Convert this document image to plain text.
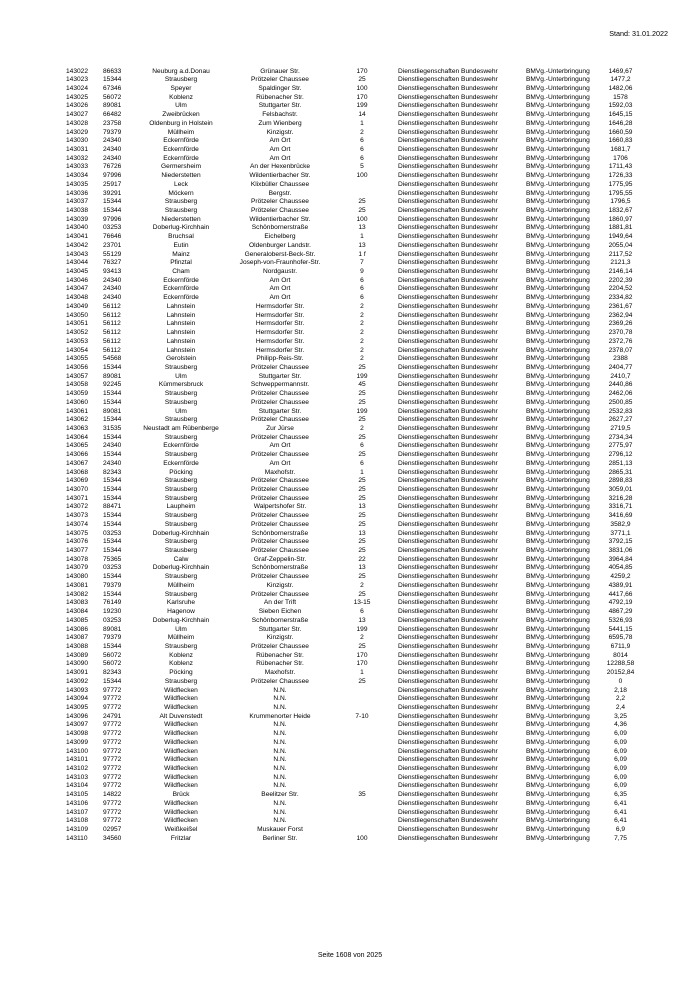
Stand: 31.01.2022
143022	86633	Neuburg a.d.Donau	Grünauer Str.	170	Dienstliegenschaften Bundeswehr	BMVg.-Unterbringung	1469,67
143023	15344	Strausberg	Prötzeler Chaussee	25	Dienstliegenschaften Bundeswehr	BMVg.-Unterbringung	1477,2
143024	67346	Speyer	Spaldinger Str.	100	Dienstliegenschaften Bundeswehr	BMVg.-Unterbringung	1482,06
143025	56072	Koblenz	Rübenacher Str.	170	Dienstliegenschaften Bundeswehr	BMVg.-Unterbringung	1578
143026	89081	Ulm	Stuttgarter Str.	199	Dienstliegenschaften Bundeswehr	BMVg.-Unterbringung	1592,03
143027	66482	Zweibrücken	Felsbachstr.	14	Dienstliegenschaften Bundeswehr	BMVg.-Unterbringung	1645,15
143028	23758	Oldenburg in Holstein	Zum Wienberg	1	Dienstliegenschaften Bundeswehr	BMVg.-Unterbringung	1646,28
143029	79379	Müllheim	Kinzigstr.	2	Dienstliegenschaften Bundeswehr	BMVg.-Unterbringung	1660,59
143030	24340	Eckernförde	Am Ort	6	Dienstliegenschaften Bundeswehr	BMVg.-Unterbringung	1660,83
143031	24340	Eckernförde	Am Ort	6	Dienstliegenschaften Bundeswehr	BMVg.-Unterbringung	1681,7
143032	24340	Eckernförde	Am Ort	6	Dienstliegenschaften Bundeswehr	BMVg.-Unterbringung	1706
143033	76726	Germersheim	An der Hexenbrücke	5	Dienstliegenschaften Bundeswehr	BMVg.-Unterbringung	1711,43
143034	97996	Niederstetten	Wildentierbacher Str.	100	Dienstliegenschaften Bundeswehr	BMVg.-Unterbringung	1726,33
143035	25917	Leck	Klixbüller Chaussee		Dienstliegenschaften Bundeswehr	BMVg.-Unterbringung	1775,95
143036	39291	Möckern	Bergstr.		Dienstliegenschaften Bundeswehr	BMVg.-Unterbringung	1795,55
143037	15344	Strausberg	Prötzeler Chaussee	25	Dienstliegenschaften Bundeswehr	BMVg.-Unterbringung	1796,5
143038	15344	Strausberg	Prötzeler Chaussee	25	Dienstliegenschaften Bundeswehr	BMVg.-Unterbringung	1832,67
143039	97996	Niederstetten	Wildentierbacher Str.	100	Dienstliegenschaften Bundeswehr	BMVg.-Unterbringung	1860,97
143040	03253	Doberlug-Kirchhain	Schönbornerstraße	13	Dienstliegenschaften Bundeswehr	BMVg.-Unterbringung	1881,81
143041	76646	Bruchsal	Eichelberg	1	Dienstliegenschaften Bundeswehr	BMVg.-Unterbringung	1949,64
143042	23701	Eutin	Oldenburger Landstr.	13	Dienstliegenschaften Bundeswehr	BMVg.-Unterbringung	2055,04
143043	55129	Mainz	Generaloberst-Beck-Str.	1 f	Dienstliegenschaften Bundeswehr	BMVg.-Unterbringung	2117,52
143044	76327	Pfinztal	Joseph-von-Fraunhofer-Str.	7	Dienstliegenschaften Bundeswehr	BMVg.-Unterbringung	2121,3
143045	93413	Cham	Nordgaustr.	9	Dienstliegenschaften Bundeswehr	BMVg.-Unterbringung	2146,14
143046	24340	Eckernförde	Am Ort	6	Dienstliegenschaften Bundeswehr	BMVg.-Unterbringung	2202,39
143047	24340	Eckernförde	Am Ort	6	Dienstliegenschaften Bundeswehr	BMVg.-Unterbringung	2204,52
143048	24340	Eckernförde	Am Ort	6	Dienstliegenschaften Bundeswehr	BMVg.-Unterbringung	2334,82
143049	56112	Lahnstein	Hermsdorfer Str.	2	Dienstliegenschaften Bundeswehr	BMVg.-Unterbringung	2361,67
143050	56112	Lahnstein	Hermsdorfer Str.	2	Dienstliegenschaften Bundeswehr	BMVg.-Unterbringung	2362,94
143051	56112	Lahnstein	Hermsdorfer Str.	2	Dienstliegenschaften Bundeswehr	BMVg.-Unterbringung	2369,26
143052	56112	Lahnstein	Hermsdorfer Str.	2	Dienstliegenschaften Bundeswehr	BMVg.-Unterbringung	2370,78
143053	56112	Lahnstein	Hermsdorfer Str.	2	Dienstliegenschaften Bundeswehr	BMVg.-Unterbringung	2372,76
143054	56112	Lahnstein	Hermsdorfer Str.	2	Dienstliegenschaften Bundeswehr	BMVg.-Unterbringung	2378,07
143055	54568	Gerolstein	Philipp-Reis-Str.	2	Dienstliegenschaften Bundeswehr	BMVg.-Unterbringung	2388
143056	15344	Strausberg	Prötzeler Chaussee	25	Dienstliegenschaften Bundeswehr	BMVg.-Unterbringung	2404,77
143057	89081	Ulm	Stuttgarter Str.	199	Dienstliegenschaften Bundeswehr	BMVg.-Unterbringung	2410,7
143058	92245	Kümmersbruck	Schweppermannstr.	45	Dienstliegenschaften Bundeswehr	BMVg.-Unterbringung	2440,86
143059	15344	Strausberg	Prötzeler Chaussee	25	Dienstliegenschaften Bundeswehr	BMVg.-Unterbringung	2462,06
143060	15344	Strausberg	Prötzeler Chaussee	25	Dienstliegenschaften Bundeswehr	BMVg.-Unterbringung	2500,85
143061	89081	Ulm	Stuttgarter Str.	199	Dienstliegenschaften Bundeswehr	BMVg.-Unterbringung	2532,83
143062	15344	Strausberg	Prötzeler Chaussee	25	Dienstliegenschaften Bundeswehr	BMVg.-Unterbringung	2627,27
143063	31535	Neustadt am Rübenberge	Zur Jürse	2	Dienstliegenschaften Bundeswehr	BMVg.-Unterbringung	2719,5
143064	15344	Strausberg	Prötzeler Chaussee	25	Dienstliegenschaften Bundeswehr	BMVg.-Unterbringung	2734,34
143065	24340	Eckernförde	Am Ort	6	Dienstliegenschaften Bundeswehr	BMVg.-Unterbringung	2775,97
143066	15344	Strausberg	Prötzeler Chaussee	25	Dienstliegenschaften Bundeswehr	BMVg.-Unterbringung	2796,12
143067	24340	Eckernförde	Am Ort	6	Dienstliegenschaften Bundeswehr	BMVg.-Unterbringung	2851,13
143068	82343	Pöcking	Maxhofstr.	1	Dienstliegenschaften Bundeswehr	BMVg.-Unterbringung	2865,31
143069	15344	Strausberg	Prötzeler Chaussee	25	Dienstliegenschaften Bundeswehr	BMVg.-Unterbringung	2898,83
143070	15344	Strausberg	Prötzeler Chaussee	25	Dienstliegenschaften Bundeswehr	BMVg.-Unterbringung	3059,01
143071	15344	Strausberg	Prötzeler Chaussee	25	Dienstliegenschaften Bundeswehr	BMVg.-Unterbringung	3216,28
143072	88471	Laupheim	Walpertshofer Str.	13	Dienstliegenschaften Bundeswehr	BMVg.-Unterbringung	3316,71
143073	15344	Strausberg	Prötzeler Chaussee	25	Dienstliegenschaften Bundeswehr	BMVg.-Unterbringung	3416,69
143074	15344	Strausberg	Prötzeler Chaussee	25	Dienstliegenschaften Bundeswehr	BMVg.-Unterbringung	3582,9
143075	03253	Doberlug-Kirchhain	Schönbornerstraße	13	Dienstliegenschaften Bundeswehr	BMVg.-Unterbringung	3771,1
143076	15344	Strausberg	Prötzeler Chaussee	25	Dienstliegenschaften Bundeswehr	BMVg.-Unterbringung	3792,15
143077	15344	Strausberg	Prötzeler Chaussee	25	Dienstliegenschaften Bundeswehr	BMVg.-Unterbringung	3831,06
143078	75365	Calw	Graf-Zeppelin-Str.	22	Dienstliegenschaften Bundeswehr	BMVg.-Unterbringung	3964,84
143079	03253	Doberlug-Kirchhain	Schönbornerstraße	13	Dienstliegenschaften Bundeswehr	BMVg.-Unterbringung	4054,85
143080	15344	Strausberg	Prötzeler Chaussee	25	Dienstliegenschaften Bundeswehr	BMVg.-Unterbringung	4259,2
143081	79379	Müllheim	Kinzigstr.	2	Dienstliegenschaften Bundeswehr	BMVg.-Unterbringung	4389,91
143082	15344	Strausberg	Prötzeler Chaussee	25	Dienstliegenschaften Bundeswehr	BMVg.-Unterbringung	4417,66
143083	76149	Karlsruhe	An der Trift	13-15	Dienstliegenschaften Bundeswehr	BMVg.-Unterbringung	4792,19
143084	19230	Hagenow	Sieben Eichen	6	Dienstliegenschaften Bundeswehr	BMVg.-Unterbringung	4867,29
143085	03253	Doberlug-Kirchhain	Schönbornerstraße	13	Dienstliegenschaften Bundeswehr	BMVg.-Unterbringung	5326,93
143086	89081	Ulm	Stuttgarter Str.	199	Dienstliegenschaften Bundeswehr	BMVg.-Unterbringung	5441,15
143087	79379	Müllheim	Kinzigstr.	2	Dienstliegenschaften Bundeswehr	BMVg.-Unterbringung	6595,78
143088	15344	Strausberg	Prötzeler Chaussee	25	Dienstliegenschaften Bundeswehr	BMVg.-Unterbringung	6711,9
143089	56072	Koblenz	Rübenacher Str.	170	Dienstliegenschaften Bundeswehr	BMVg.-Unterbringung	8014
143090	56072	Koblenz	Rübenacher Str.	170	Dienstliegenschaften Bundeswehr	BMVg.-Unterbringung	12288,58
143091	82343	Pöcking	Maxhofstr.	1	Dienstliegenschaften Bundeswehr	BMVg.-Unterbringung	20152,84
143092	15344	Strausberg	Prötzeler Chaussee	25	Dienstliegenschaften Bundeswehr	BMVg.-Unterbringung	0
143093	97772	Wildflecken	N.N.		Dienstliegenschaften Bundeswehr	BMVg.-Unterbringung	2,18
143094	97772	Wildflecken	N.N.		Dienstliegenschaften Bundeswehr	BMVg.-Unterbringung	2,2
143095	97772	Wildflecken	N.N.		Dienstliegenschaften Bundeswehr	BMVg.-Unterbringung	2,4
143096	24791	Alt Duvenstedt	Krummenorter Heide	7-10	Dienstliegenschaften Bundeswehr	BMVg.-Unterbringung	3,25
143097	97772	Wildflecken	N.N.		Dienstliegenschaften Bundeswehr	BMVg.-Unterbringung	4,36
143098	97772	Wildflecken	N.N.		Dienstliegenschaften Bundeswehr	BMVg.-Unterbringung	6,09
143099	97772	Wildflecken	N.N.		Dienstliegenschaften Bundeswehr	BMVg.-Unterbringung	6,09
143100	97772	Wildflecken	N.N.		Dienstliegenschaften Bundeswehr	BMVg.-Unterbringung	6,09
143101	97772	Wildflecken	N.N.		Dienstliegenschaften Bundeswehr	BMVg.-Unterbringung	6,09
143102	97772	Wildflecken	N.N.		Dienstliegenschaften Bundeswehr	BMVg.-Unterbringung	6,09
143103	97772	Wildflecken	N.N.		Dienstliegenschaften Bundeswehr	BMVg.-Unterbringung	6,09
143104	97772	Wildflecken	N.N.		Dienstliegenschaften Bundeswehr	BMVg.-Unterbringung	6,09
143105	14822	Brück	Beelitzer Str.	35	Dienstliegenschaften Bundeswehr	BMVg.-Unterbringung	6,35
143106	97772	Wildflecken	N.N.		Dienstliegenschaften Bundeswehr	BMVg.-Unterbringung	6,41
143107	97772	Wildflecken	N.N.		Dienstliegenschaften Bundeswehr	BMVg.-Unterbringung	6,41
143108	97772	Wildflecken	N.N.		Dienstliegenschaften Bundeswehr	BMVg.-Unterbringung	6,41
143109	02957	Weißkeißel	Muskauer Forst		Dienstliegenschaften Bundeswehr	BMVg.-Unterbringung	6,9
143110	34560	Fritzlar	Berliner Str.	100	Dienstliegenschaften Bundeswehr	BMVg.-Unterbringung	7,75
Seite 1608 von 2025
